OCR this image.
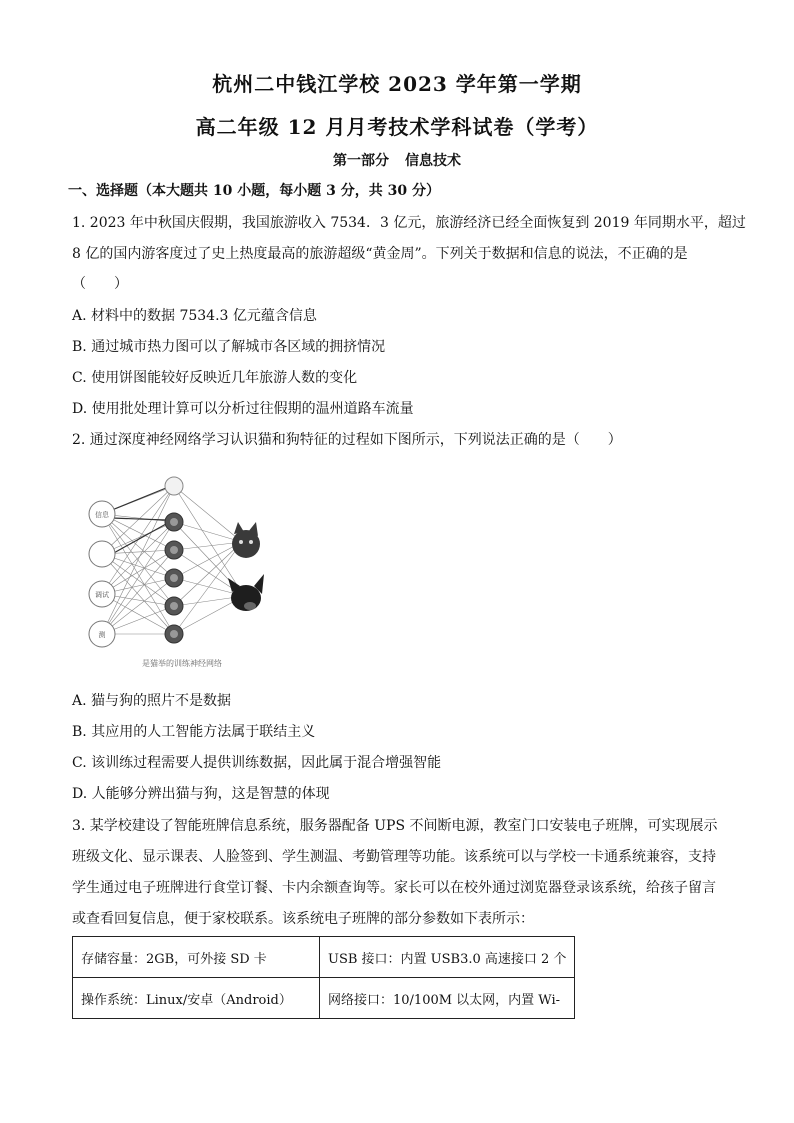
杭州二中钱江学校 2023 学年第一学期
高二年级 12 月月考技术学科试卷（学考）
第一部分 信息技术
一、选择题（本大题共 10 小题，每小题 3 分，共 30 分）
1. 2023 年中秋国庆假期，我国旅游收入 7534．3 亿元，旅游经济已经全面恢复到 2019 年同期水平，超过
8 亿的国内游客度过了史上热度最高的旅游超级“黄金周”。下列关于数据和信息的说法，不正确的是
（　　）
A. 材料中的数据 7534.3 亿元蕴含信息
B. 通过城市热力图可以了解城市各区域的拥挤情况
C. 使用饼图能较好反映近几年旅游人数的变化
D. 使用批处理计算可以分析过往假期的温州道路车流量
2. 通过深度神经网络学习认识猫和狗特征的过程如下图所示，下列说法正确的是（　　）
信息
调试
测
是猫举的训练神经网络
A. 猫与狗的照片不是数据
B. 其应用的人工智能方法属于联结主义
C. 该训练过程需要人提供训练数据，因此属于混合增强智能
D. 人能够分辨出猫与狗，这是智慧的体现
3. 某学校建设了智能班牌信息系统，服务器配备 UPS 不间断电源，教室门口安装电子班牌，可实现展示
班级文化、显示课表、人脸签到、学生测温、考勤管理等功能。该系统可以与学校一卡通系统兼容，支持
学生通过电子班牌进行食堂订餐、卡内余额查询等。家长可以在校外通过浏览器登录该系统，给孩子留言
或查看回复信息，便于家校联系。该系统电子班牌的部分参数如下表所示：
存储容量：2GB，可外接 SD 卡	USB 接口：内置 USB3.0 高速接口 2 个
操作系统：Linux/安卓（Android）	网络接口：10/100M 以太网，内置 Wi-
